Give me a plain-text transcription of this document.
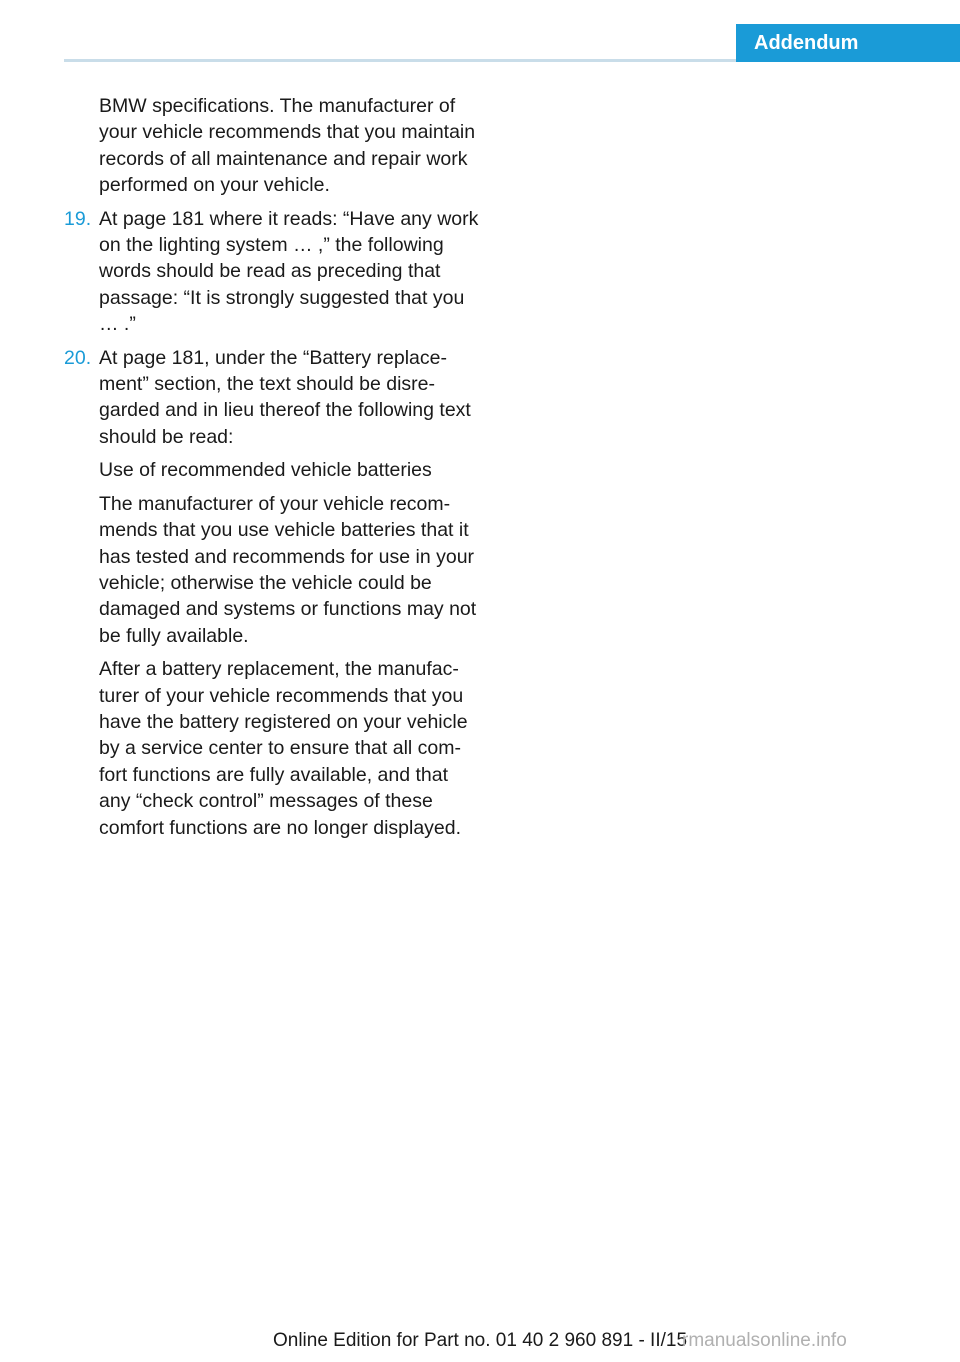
Addendum

BMW specifications. The manufacturer of your vehicle recommends that you maintain records of all maintenance and repair work performed on your vehicle.

19. At page 181 where it reads: “Have any work on the lighting system … ,” the following words should be read as preceding that passage: “It is strongly suggested that you … .”
20. At page 181, under the “Battery replacement” section, the text should be disregarded and in lieu thereof the following text should be read:

Use of recommended vehicle batteries

The manufacturer of your vehicle recommends that you use vehicle batteries that it has tested and recommends for use in your vehicle; otherwise the vehicle could be damaged and systems or functions may not be fully available.

After a battery replacement, the manufacturer of your vehicle recommends that you have the battery registered on your vehicle by a service center to ensure that all comfort functions are fully available, and that any “check control” messages of these comfort functions are no longer displayed.

Online Edition for Part no. 01 40 2 960 891 - II/15
rmanualsonline.info
